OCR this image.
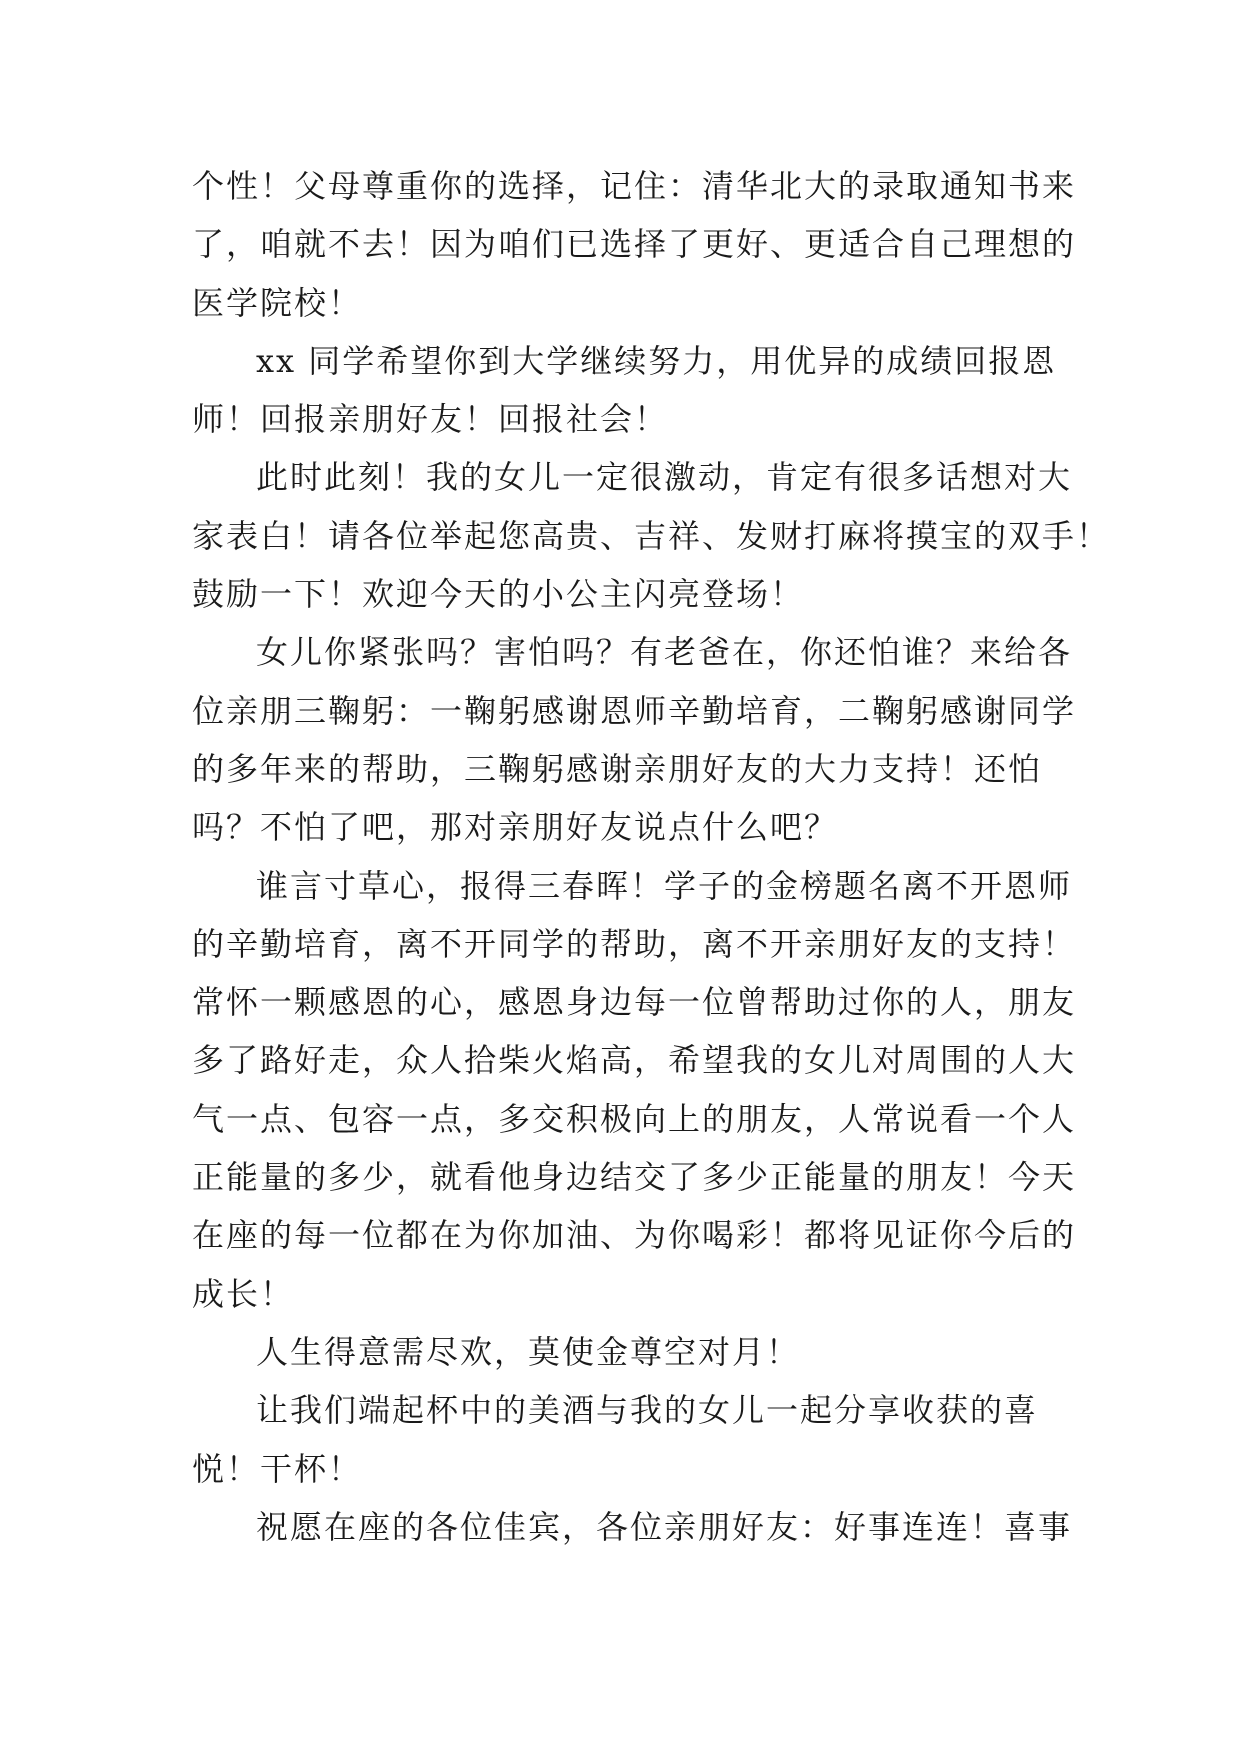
个性！父母尊重你的选择，记住：清华北大的录取通知书来
了，咱就不去！因为咱们已选择了更好、更适合自己理想的
医学院校！
xx 同学希望你到大学继续努力，用优异的成绩回报恩
师！回报亲朋好友！回报社会！
此时此刻！我的女儿一定很激动，肯定有很多话想对大
家表白！请各位举起您高贵、吉祥、发财打麻将摸宝的双手！
鼓励一下！欢迎今天的小公主闪亮登场！
女儿你紧张吗？害怕吗？有老爸在，你还怕谁？来给各
位亲朋三鞠躬：一鞠躬感谢恩师辛勤培育，二鞠躬感谢同学
的多年来的帮助，三鞠躬感谢亲朋好友的大力支持！还怕
吗？不怕了吧，那对亲朋好友说点什么吧？
谁言寸草心，报得三春晖！学子的金榜题名离不开恩师
的辛勤培育，离不开同学的帮助，离不开亲朋好友的支持！
常怀一颗感恩的心，感恩身边每一位曾帮助过你的人，朋友
多了路好走，众人拾柴火焰高，希望我的女儿对周围的人大
气一点、包容一点，多交积极向上的朋友，人常说看一个人
正能量的多少，就看他身边结交了多少正能量的朋友！今天
在座的每一位都在为你加油、为你喝彩！都将见证你今后的
成长！
人生得意需尽欢，莫使金尊空对月！
让我们端起杯中的美酒与我的女儿一起分享收获的喜
悦！干杯！
祝愿在座的各位佳宾，各位亲朋好友：好事连连！喜事
